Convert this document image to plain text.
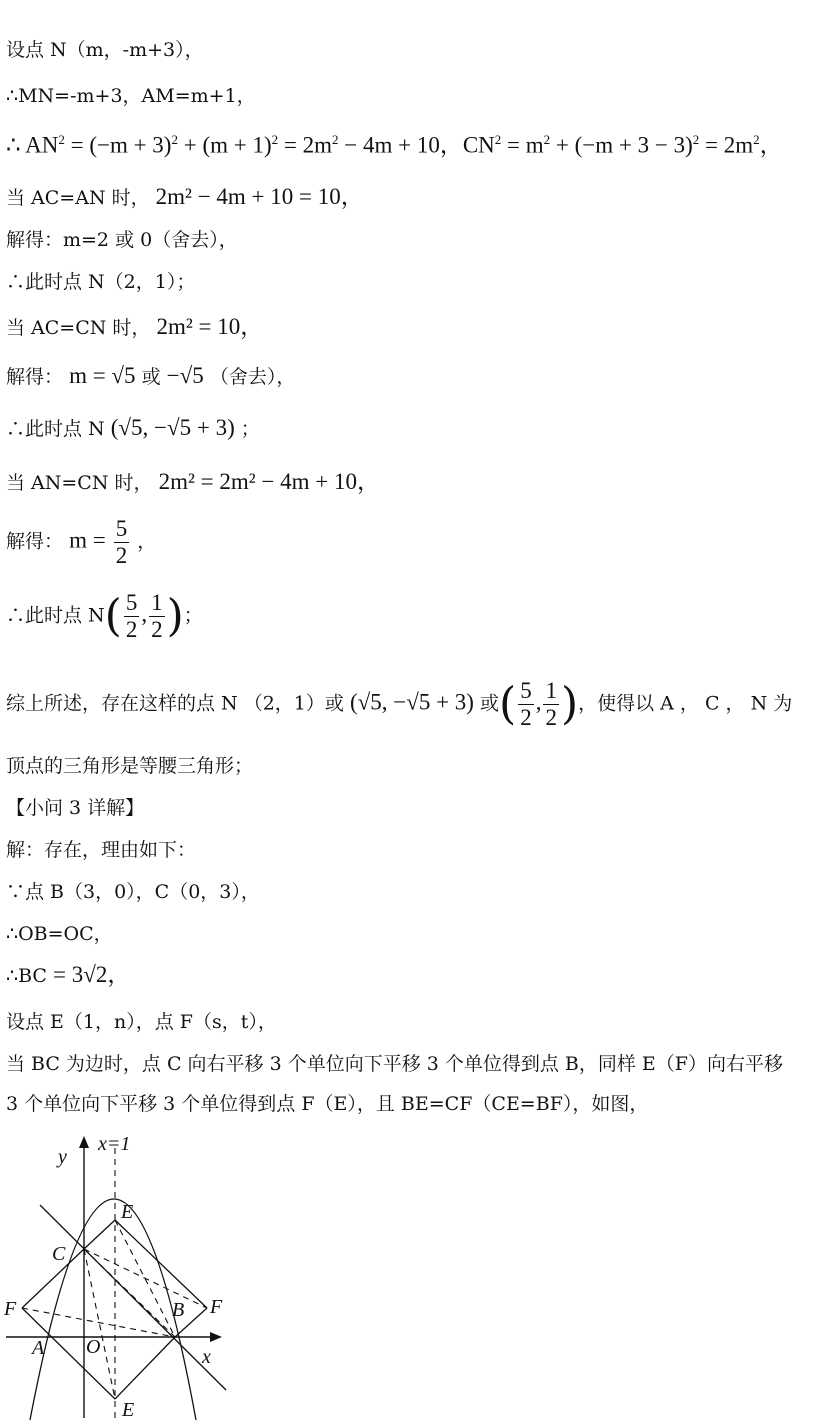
设点 N（m，-m+3），
∴MN=-m+3，AM=m+1，
∴ $AN^2 = (-m + 3)^2 + (m + 1)^2 = 2m^2 - 4m + 10$，$CN^2 = m^2 + (-m + 3 - 3)^2 = 2m^2$，
当 AC=AN 时， 2m² − 4m + 10 = 10，
解得：m=2 或 0（舍去），
∴此时点 N（2，1）；
当 AC=CN 时， 2m² = 10，
解得： m = √5 或 −√5 （舍去），
∴此时点 N (√5, −√5 + 3) ；
当 AN=CN 时， 2m² = 2m² − 4m + 10，
解得： $m = \frac{5}{2}$ ，
∴此时点 $N( \frac{5}{2}$ , $\frac{1}{2}$ )；
综上所述，存在这样的点 N （2，1）或 (√5, −√5 + 3) 或( $\frac{5}{2}$ , $\frac{1}{2}$ )，使得以 A ， C ， N 为
顶点的三角形是等腰三角形；
【小问 3 详解】
解：存在，理由如下：
∵点 B（3，0），C（0，3），
∴OB=OC，
∴BC = 3√2，
设点 E（1，n），点 F（s，t），
当 BC 为边时，点 C 向右平移 3 个单位向下平移 3 个单位得到点 B，同样 E（F）向右平移
3 个单位向下平移 3 个单位得到点 F（E），且 BE=CF（CE=BF），如图，
y
x=1
E
C
F	B F
A O	x
E
